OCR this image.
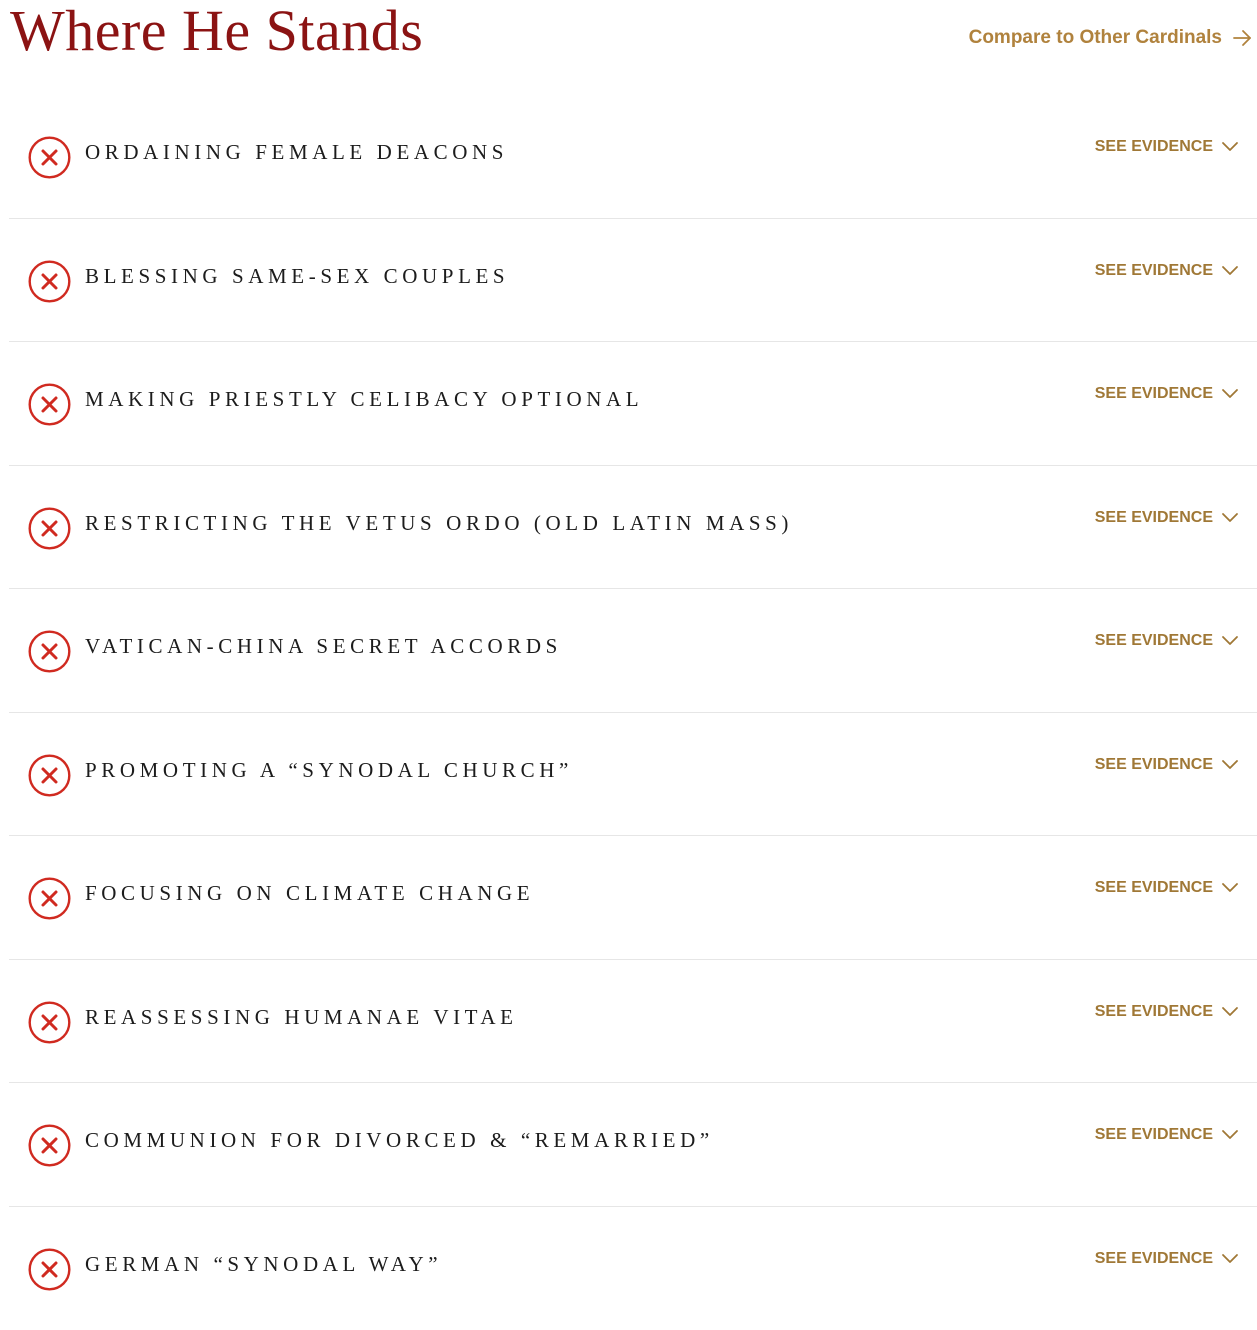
Where He Stands	Compare to Other Cardinals
ORDAINING FEMALE DEACONS	SEE EVIDENCE
BLESSING SAME-SEX COUPLES	SEE EVIDENCE
MAKING PRIESTLY CELIBACY OPTIONAL	SEE EVIDENCE
RESTRICTING THE VETUS ORDO (OLD LATIN MASS)	SEE EVIDENCE
VATICAN-CHINA SECRET ACCORDS	SEE EVIDENCE
PROMOTING A “SYNODAL CHURCH”	SEE EVIDENCE
FOCUSING ON CLIMATE CHANGE	SEE EVIDENCE
REASSESSING HUMANAE VITAE	SEE EVIDENCE
COMMUNION FOR DIVORCED & “REMARRIED”	SEE EVIDENCE
GERMAN “SYNODAL WAY”	SEE EVIDENCE
